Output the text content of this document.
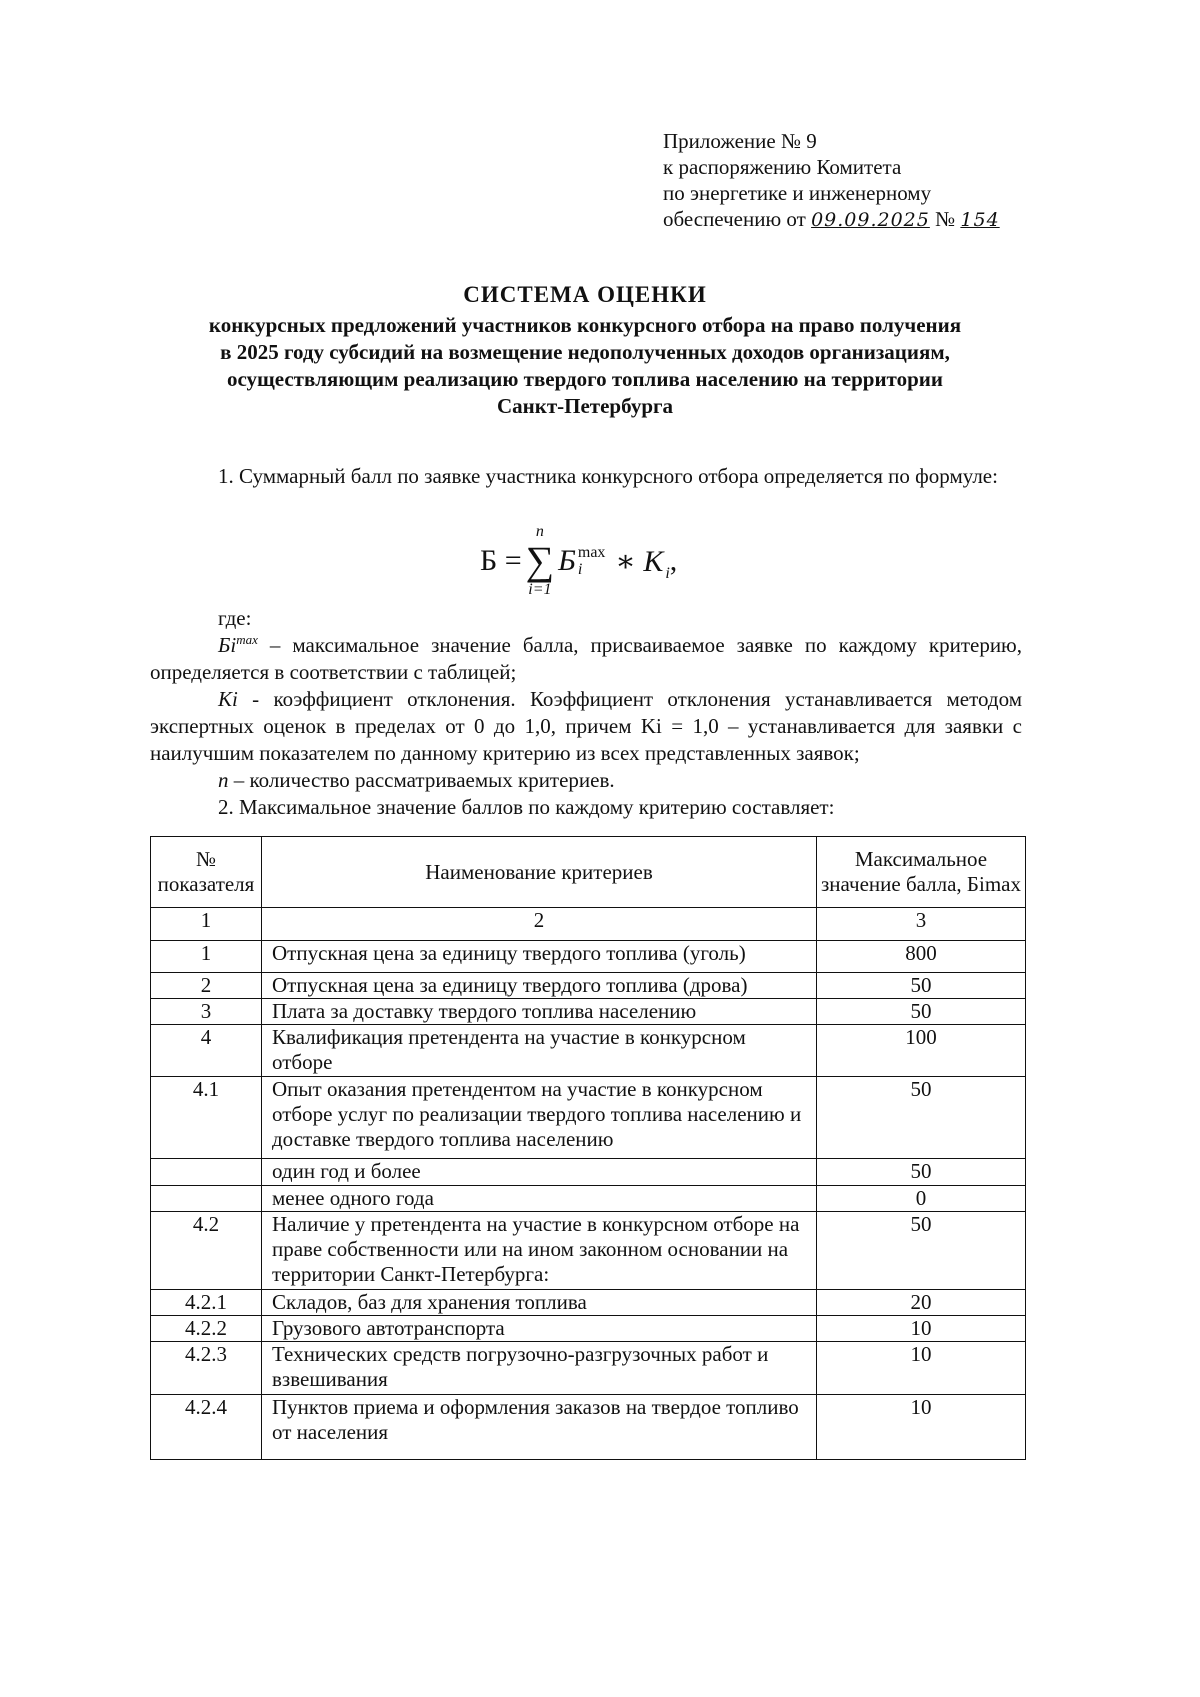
Приложение № 9
к распоряжению Комитета
по энергетике и инженерному
обеспечению от 09.09.2025 № 154
СИСТЕМА ОЦЕНКИ
конкурсных предложений участников конкурсного отбора на право получения
в 2025 году субсидий на возмещение недополученных доходов организациям,
осуществляющим реализацию твердого топлива населению на территории
Санкт-Петербурга
1. Суммарный балл по заявке участника конкурсного отбора определяется по формуле:
Б =
n
∑
i=1
Б max
i	∗ K i ,
где:
$Бi^{max}$ – максимальное значение балла, присваиваемое заявке по каждому критерию, определяется в соответствии с таблицей;
Ki - коэффициент отклонения. Коэффициент отклонения устанавливается методом экспертных оценок в пределах от 0 до 1,0, причем Ki = 1,0 – устанавливается для заявки с наилучшим показателем по данному критерию из всех представленных заявок;
n – количество рассматриваемых критериев.
2. Максимальное значение баллов по каждому критерию составляет:
№ показателя	Наименование критериев	Максимальное значение балла, Бimax
1	2	3
1	Отпускная цена за единицу твердого топлива (уголь)	800
2	Отпускная цена за единицу твердого топлива (дрова)	50
3	Плата за доставку твердого топлива населению	50
4	Квалификация претендента на участие в конкурсном отборе	100
4.1	Опыт оказания претендентом на участие в конкурсном отборе услуг по реализации твердого топлива населению и доставке твердого топлива населению	50
	один год и более	50
	менее одного года	0
4.2	Наличие у претендента на участие в конкурсном отборе на праве собственности или на ином законном основании на территории Санкт-Петербурга:	50
4.2.1	Складов, баз для хранения топлива	20
4.2.2	Грузового автотранспорта	10
4.2.3	Технических средств погрузочно-разгрузочных работ и взвешивания	10
4.2.4	Пунктов приема и оформления заказов на твердое топливо от населения	10
